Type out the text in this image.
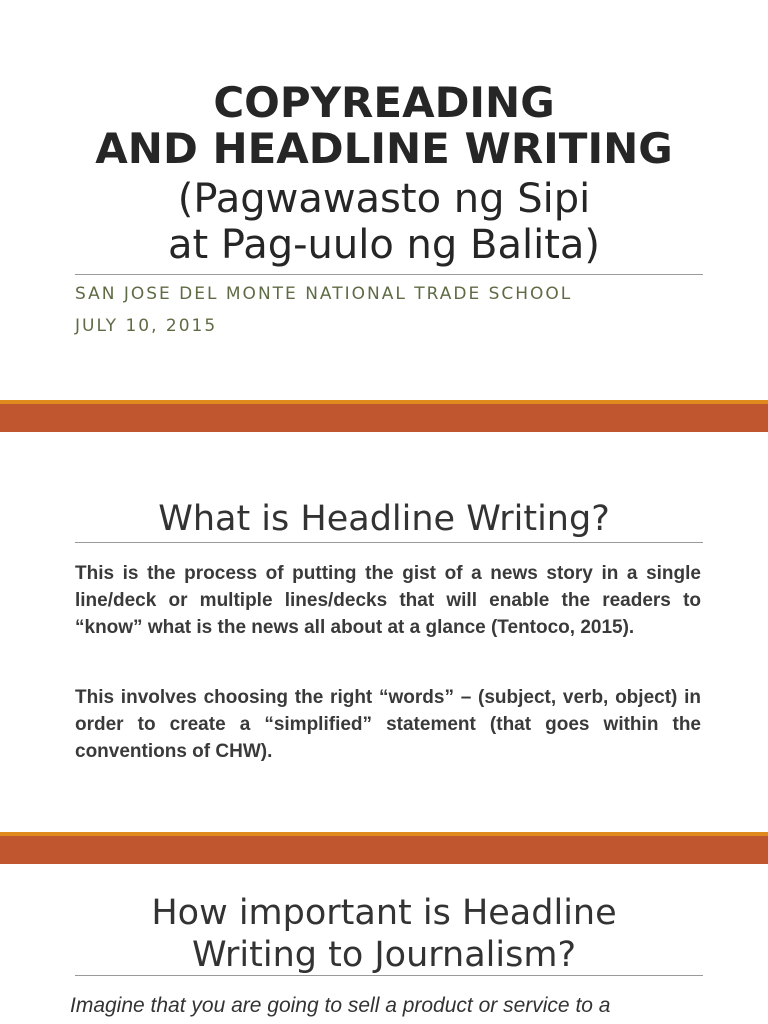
COPYREADING
AND HEADLINE WRITING
(Pagwawasto ng Sipi
at Pag-uulo ng Balita)

SAN JOSE DEL MONTE NATIONAL TRADE SCHOOL

JULY 10, 2015

What is Headline Writing?

This is the process of putting the gist of a news story in a single line/deck or multiple lines/decks that will enable the readers to “know” what is the news all about at a glance (Tentoco, 2015).

This involves choosing the right “words” – (subject, verb, object) in order to create a “simplified” statement (that goes within the conventions of CHW).

How important is Headline
Writing to Journalism?

Imagine that you are going to sell a product or service to a
